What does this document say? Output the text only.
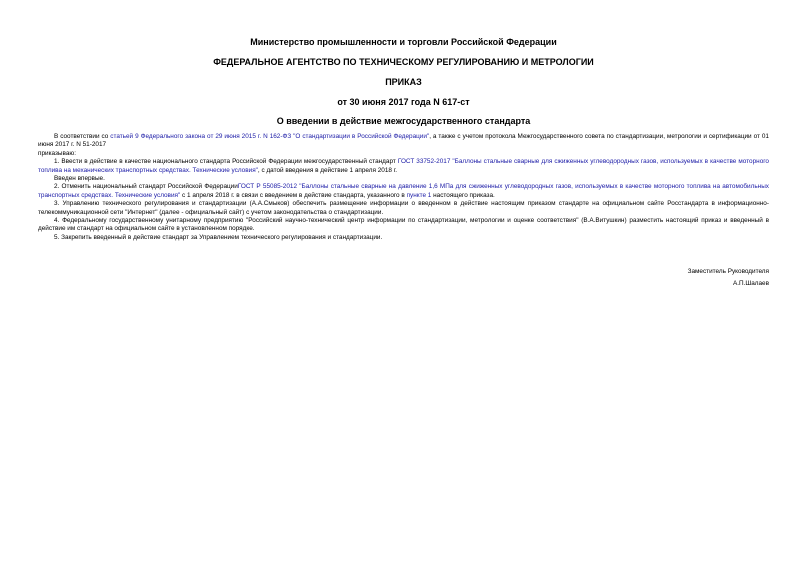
Министерство промышленности и торговли Российской Федерации
ФЕДЕРАЛЬНОЕ АГЕНТСТВО ПО ТЕХНИЧЕСКОМУ РЕГУЛИРОВАНИЮ И МЕТРОЛОГИИ
ПРИКАЗ
от 30 июня 2017 года N 617-ст
О введении в действие межгосударственного стандарта

В соответствии со статьей 9 Федерального закона от 29 июня 2015 г. N 162-ФЗ "О стандартизации в Российской Федерации", а также с учетом протокола Межгосударственного совета по стандартизации, метрологии и сертификации от 01 июня 2017 г. N 51-2017

приказываю:

1. Ввести в действие в качестве национального стандарта Российской Федерации межгосударственный стандарт ГОСТ 33752-2017 "Баллоны стальные сварные для сжиженных углеводородных газов, используемых в качестве моторного топлива на механических транспортных средствах. Технические условия", с датой введения в действие 1 апреля 2018 г.

Введен впервые.

2. Отменить национальный стандарт Российской ФедерацииГОСТ Р 55085-2012 "Баллоны стальные сварные на давление 1,6 МПа для сжиженных углеводородных газов, используемых в качестве моторного топлива на автомобильных транспортных средствах. Технические условия" с 1 апреля 2018 г. в связи с введением в действие стандарта, указанного в пункте 1 настоящего приказа.

3. Управлению технического регулирования и стандартизации (А.А.Смыков) обеспечить размещение информации о введенном в действие настоящим приказом стандарте на официальном сайте Росстандарта в информационно-телекоммуникационной сети "Интернет" (далее - официальный сайт) с учетом законодательства о стандартизации.

4. Федеральному государственному унитарному предприятию "Российский научно-технический центр информации по стандартизации, метрологии и оценке соответствия" (В.А.Витушкин) разместить настоящий приказ и введенный в действие им стандарт на официальном сайте в установленном порядке.

5. Закрепить введенный в действие стандарт за Управлением технического регулирования и стандартизации.

Заместитель Руководителя
А.П.Шалаев
